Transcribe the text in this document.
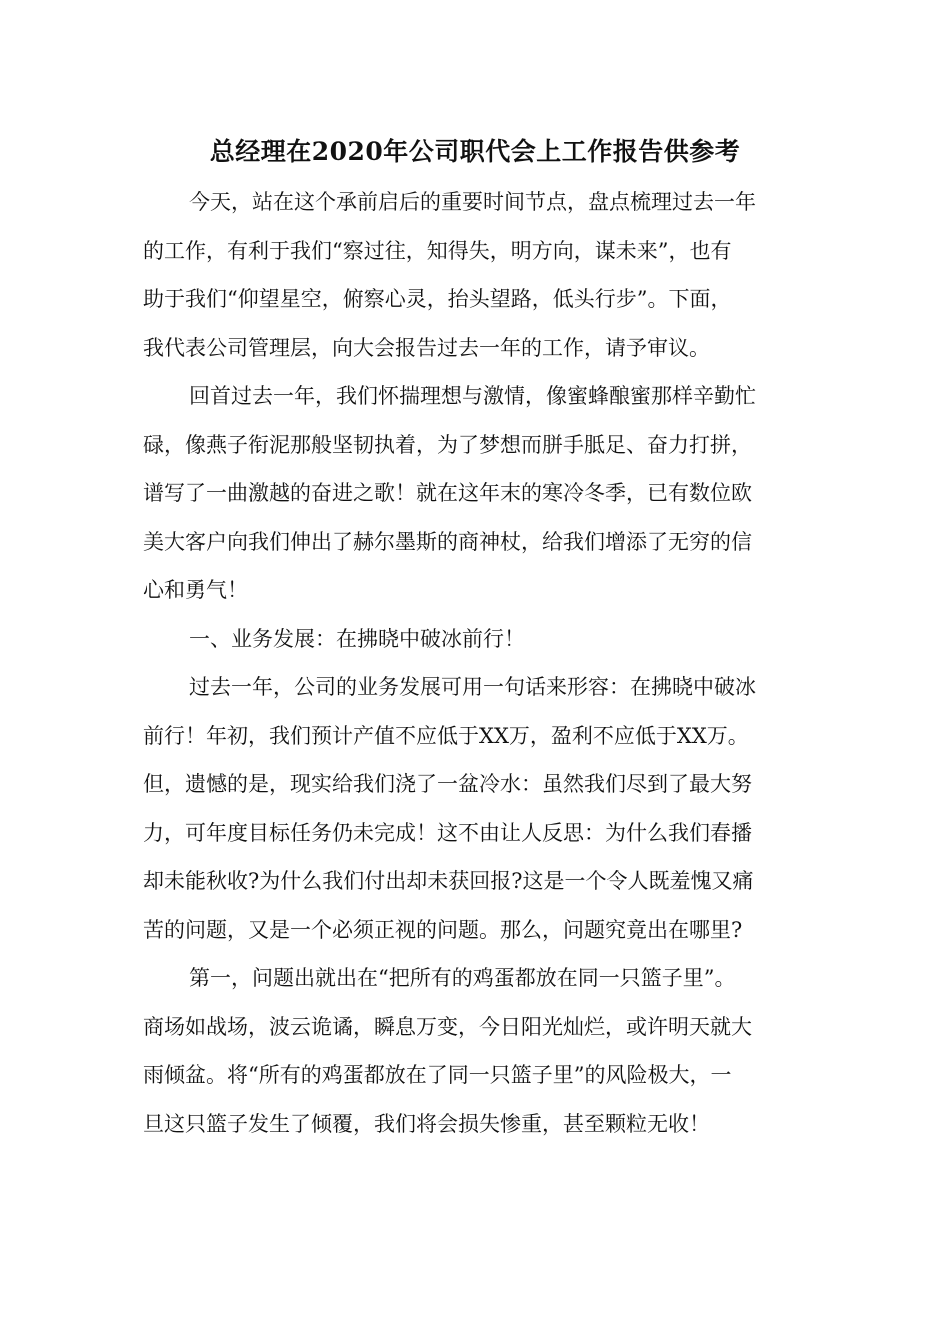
总经理在2020年公司职代会上工作报告供参考

今天，站在这个承前启后的重要时间节点，盘点梳理过去一年
的工作，有利于我们“察过往，知得失，明方向，谋未来”，也有
助于我们“仰望星空，俯察心灵，抬头望路，低头行步”。下面，
我代表公司管理层，向大会报告过去一年的工作，请予审议。

回首过去一年，我们怀揣理想与激情，像蜜蜂酿蜜那样辛勤忙
碌，像燕子衔泥那般坚韧执着，为了梦想而胼手胝足、奋力打拼，
谱写了一曲激越的奋进之歌！就在这年末的寒冷冬季，已有数位欧
美大客户向我们伸出了赫尔墨斯的商神杖，给我们增添了无穷的信
心和勇气！

一、业务发展：在拂晓中破冰前行！

过去一年，公司的业务发展可用一句话来形容：在拂晓中破冰
前行！年初，我们预计产值不应低于XX万，盈利不应低于XX万。
但，遗憾的是，现实给我们浇了一盆冷水：虽然我们尽到了最大努
力，可年度目标任务仍未完成！这不由让人反思：为什么我们春播
却未能秋收?为什么我们付出却未获回报?这是一个令人既羞愧又痛
苦的问题，又是一个必须正视的问题。那么，问题究竟出在哪里?

第一，问题出就出在“把所有的鸡蛋都放在同一只篮子里”。
商场如战场，波云诡谲，瞬息万变，今日阳光灿烂，或许明天就大
雨倾盆。将“所有的鸡蛋都放在了同一只篮子里”的风险极大，一
旦这只篮子发生了倾覆，我们将会损失惨重，甚至颗粒无收！
